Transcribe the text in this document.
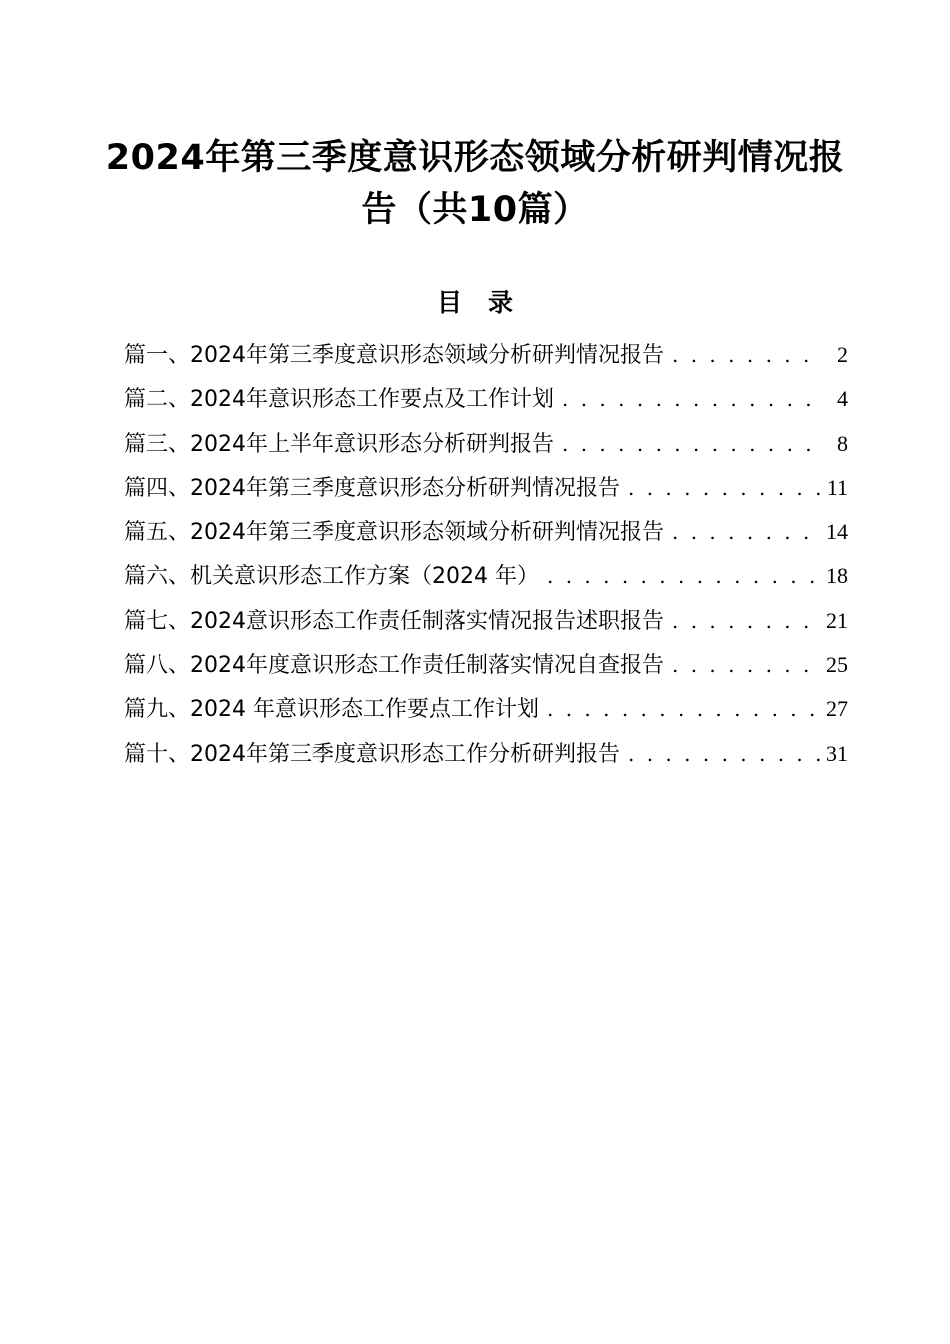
2024年第三季度意识形态领域分析研判情况报
告（共10篇）
目录
篇一、2024年第三季度意识形态领域分析研判情况报告 . . .	2
篇二、2024年意识形态工作要点及工作计划 . . .	4
篇三、2024年上半年意识形态分析研判报告 . . .	8
篇四、2024年第三季度意识形态分析研判情况报告 . . .	11
篇五、2024年第三季度意识形态领域分析研判情况报告 . . .	14
篇六、机关意识形态工作方案（2024 年） . . .	18
篇七、2024意识形态工作责任制落实情况报告述职报告 . . .	21
篇八、2024年度意识形态工作责任制落实情况自查报告 . . .	25
篇九、2024 年意识形态工作要点工作计划 . . .	27
篇十、2024年第三季度意识形态工作分析研判报告 . . .	31
